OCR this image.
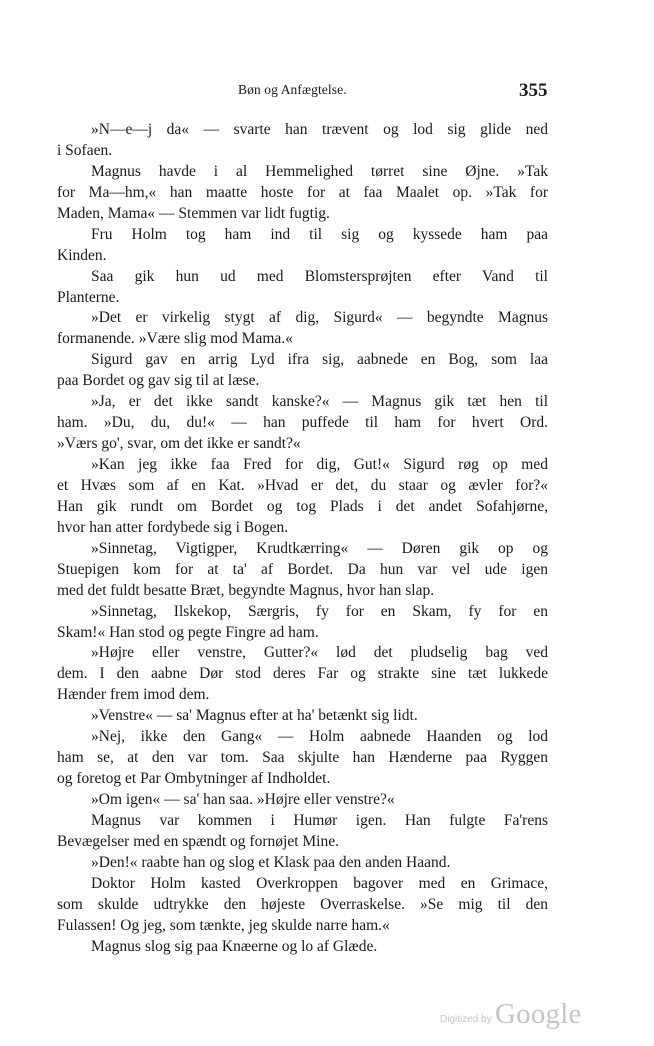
Bøn og Anfægtelse.	355
»N—e—j da« — svarte han trævent og lod sig glide ned
i Sofaen.
Magnus havde i al Hemmelighed tørret sine Øjne. »Tak
for Ma—hm,« han maatte hoste for at faa Maalet op. »Tak for
Maden, Mama« — Stemmen var lidt fugtig.
Fru Holm tog ham ind til sig og kyssede ham paa
Kinden.
Saa gik hun ud med Blomstersprøjten efter Vand til
Planterne.
»Det er virkelig stygt af dig, Sigurd« — begyndte Magnus
formanende. »Være slig mod Mama.«
Sigurd gav en arrig Lyd ifra sig, aabnede en Bog, som laa
paa Bordet og gav sig til at læse.
»Ja, er det ikke sandt kanske?« — Magnus gik tæt hen til
ham. »Du, du, du!« — han puffede til ham for hvert Ord.
»Værs go', svar, om det ikke er sandt?«
»Kan jeg ikke faa Fred for dig, Gut!« Sigurd røg op med
et Hvæs som af en Kat. »Hvad er det, du staar og ævler for?«
Han gik rundt om Bordet og tog Plads i det andet Sofahjørne,
hvor han atter fordybede sig i Bogen.
»Sinnetag, Vigtigper, Krudtkærring« — Døren gik op og
Stuepigen kom for at ta' af Bordet. Da hun var vel ude igen
med det fuldt besatte Bræt, begyndte Magnus, hvor han slap.
»Sinnetag, Ilskekop, Særgris, fy for en Skam, fy for en
Skam!« Han stod og pegte Fingre ad ham.
»Højre eller venstre, Gutter?« lød det pludselig bag ved
dem. I den aabne Dør stod deres Far og strakte sine tæt lukkede
Hænder frem imod dem.
»Venstre« — sa' Magnus efter at ha' betænkt sig lidt.
»Nej, ikke den Gang« — Holm aabnede Haanden og lod
ham se, at den var tom. Saa skjulte han Hænderne paa Ryggen
og foretog et Par Ombytninger af Indholdet.
»Om igen« — sa' han saa. »Højre eller venstre?«
Magnus var kommen i Humør igen. Han fulgte Fa'rens
Bevægelser med en spændt og fornøjet Mine.
»Den!« raabte han og slog et Klask paa den anden Haand.
Doktor Holm kasted Overkroppen bagover med en Grimace,
som skulde udtrykke den højeste Overraskelse. »Se mig til den
Fulassen! Og jeg, som tænkte, jeg skulde narre ham.«
Magnus slog sig paa Knæerne og lo af Glæde.
Digitized by Google
